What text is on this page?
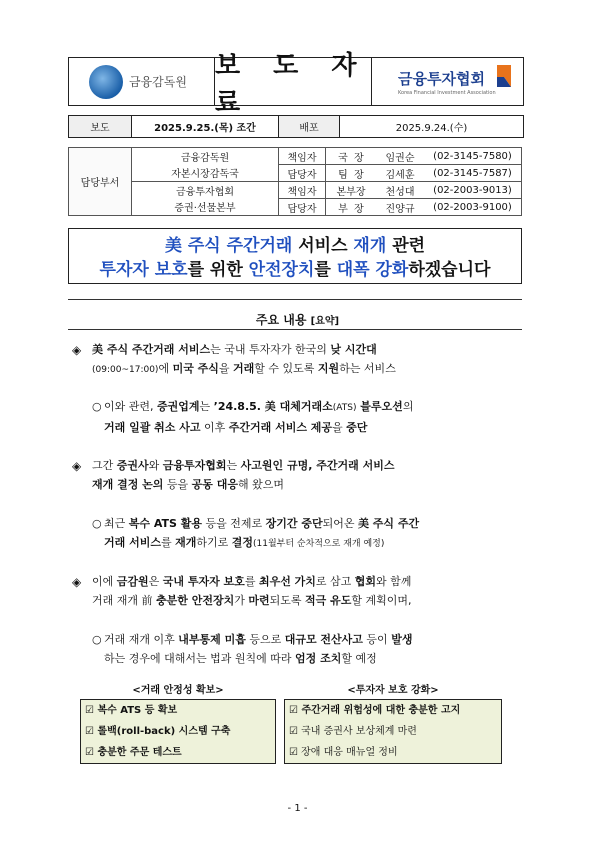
금융감독원
보 도 자 료
금융투자협회
Korea Financial Investment Association
보도	2025.9.25.(목) 조간	배포	2025.9.24.(수)
담당부서	금융감독원	책임자	국  장	임권순	(02-3145-7580)
	자본시장감독국	담당자	팀  장	김세훈	(02-3145-7587)
	금융투자협회	책임자	본부장	천성대	(02-2003-9013)
	증권·선물본부	담당자	부  장	진양규	(02-2003-9100)
美 주식 주간거래 서비스 재개 관련
투자자 보호를 위한 안전장치를 대폭 강화하겠습니다
주요 내용 [요약]
◈ 美 주식 주간거래 서비스는 국내 투자자가 한국의 낮 시간대
(09:00~17:00)에 미국 주식을 거래할 수 있도록 지원하는 서비스
○ 이와 관련, 증권업계는 ’24.8.5. 美 대체거래소(ATS) 블루오션의
거래 일괄 취소 사고 이후 주간거래 서비스 제공을 중단
◈ 그간 증권사와 금융투자협회는 사고원인 규명, 주간거래 서비스
재개 결정 논의 등을 공동 대응해 왔으며
○ 최근 복수 ATS 활용 등을 전제로 장기간 중단되어온 美 주식 주간
거래 서비스를 재개하기로 결정(11월부터 순차적으로 재개 예정)
◈ 이에 금감원은 국내 투자자 보호를 최우선 가치로 삼고 협회와 함께
거래 재개 前 충분한 안전장치가 마련되도록 적극 유도할 계획이며,
○ 거래 재개 이후 내부통제 미흡 등으로 대규모 전산사고 등이 발생
하는 경우에 대해서는 법과 원칙에 따라 엄정 조치할 예정
<거래 안정성 확보>
☑ 복수 ATS 등 확보
☑ 롤백(roll-back) 시스템 구축
☑ 충분한 주문 테스트
<투자자 보호 강화>
☑ 주간거래 위험성에 대한 충분한 고지
☑ 국내 증권사 보상체계 마련
☑ 장애 대응 매뉴얼 정비
- 1 -
